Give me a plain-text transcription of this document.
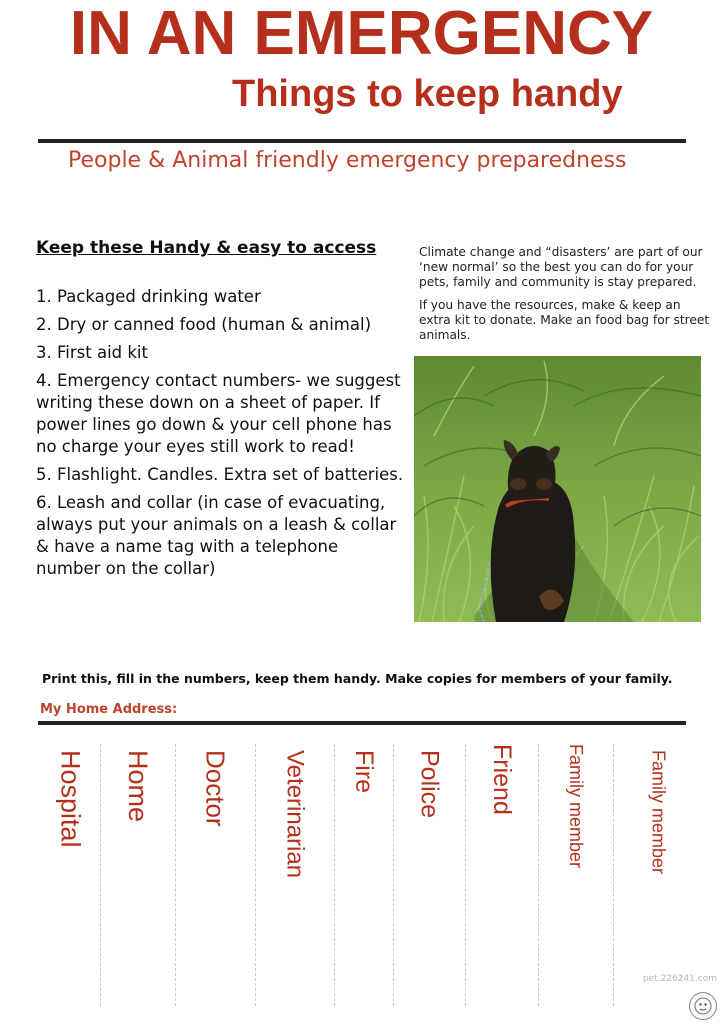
IN AN EMERGENCY
Things to keep handy
People & Animal friendly emergency preparedness
Keep these Handy & easy to access
1. Packaged drinking water
2. Dry or canned food (human & animal)
3. First aid kit
4. Emergency contact numbers- we suggest writing these down on a sheet of paper. If power lines go down & your cell phone has no charge your eyes still work to read!
5. Flashlight. Candles. Extra set of batteries.
6. Leash and collar (in case of evacuating, always put your animals on a leash & collar & have a name tag with a telephone number on the collar)

Climate change and “disasters’ are part of our ‘new normal’ so the best you can do for your pets, family and community is stay prepared.

If you have the resources, make & keep an extra kit to donate. Make an food bag for street animals.

Print this, fill in the numbers, keep them handy. Make copies for members of your family.
My Home Address:
Hospital Home Doctor Veterinarian Fire Police Friend	Family member	Family member
pet.226241.com
